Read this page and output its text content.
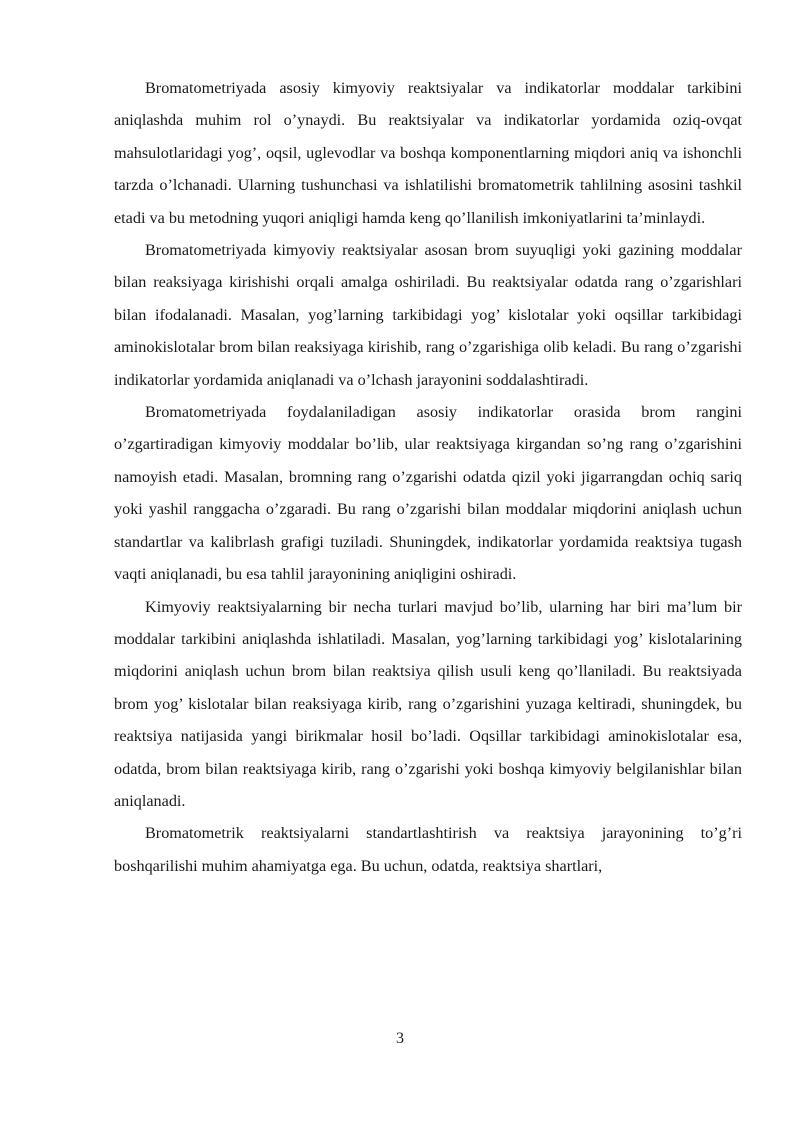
Bromatometriyada asosiy kimyoviy reaktsiyalar va indikatorlar moddalar tarkibini aniqlashda muhim rol o’ynaydi. Bu reaktsiyalar va indikatorlar yordamida oziq-ovqat mahsulotlaridagi yog’, oqsil, uglevodlar va boshqa komponentlarning miqdori aniq va ishonchli tarzda o’lchanadi. Ularning tushunchasi va ishlatilishi bromatometrik tahlilning asosini tashkil etadi va bu metodning yuqori aniqligi hamda keng qo’llanilish imkoniyatlarini ta’minlaydi.

Bromatometriyada kimyoviy reaktsiyalar asosan brom suyuqligi yoki gazining moddalar bilan reaksiyaga kirishishi orqali amalga oshiriladi. Bu reaktsiyalar odatda rang o’zgarishlari bilan ifodalanadi. Masalan, yog’larning tarkibidagi yog’ kislotalar yoki oqsillar tarkibidagi aminokislotalar brom bilan reaksiyaga kirishib, rang o’zgarishiga olib keladi. Bu rang o’zgarishi indikatorlar yordamida aniqlanadi va o’lchash jarayonini soddalashtiradi.

Bromatometriyada foydalaniladigan asosiy indikatorlar orasida brom rangini o’zgartiradigan kimyoviy moddalar bo’lib, ular reaktsiyaga kirgandan so’ng rang o’zgarishini namoyish etadi. Masalan, bromning rang o’zgarishi odatda qizil yoki jigarrangdan ochiq sariq yoki yashil ranggacha o’zgaradi. Bu rang o’zgarishi bilan moddalar miqdorini aniqlash uchun standartlar va kalibrlash grafigi tuziladi. Shuningdek, indikatorlar yordamida reaktsiya tugash vaqti aniqlanadi, bu esa tahlil jarayonining aniqligini oshiradi.

Kimyoviy reaktsiyalarning bir necha turlari mavjud bo’lib, ularning har biri ma’lum bir moddalar tarkibini aniqlashda ishlatiladi. Masalan, yog’larning tarkibidagi yog’ kislotalarining miqdorini aniqlash uchun brom bilan reaktsiya qilish usuli keng qo’llaniladi. Bu reaktsiyada brom yog’ kislotalar bilan reaksiyaga kirib, rang o’zgarishini yuzaga keltiradi, shuningdek, bu reaktsiya natijasida yangi birikmalar hosil bo’ladi. Oqsillar tarkibidagi aminokislotalar esa, odatda, brom bilan reaktsiyaga kirib, rang o’zgarishi yoki boshqa kimyoviy belgilanishlar bilan aniqlanadi.

Bromatometrik reaktsiyalarni standartlashtirish va reaktsiya jarayonining to’g’ri boshqarilishi muhim ahamiyatga ega. Bu uchun, odatda, reaktsiya shartlari,

3
